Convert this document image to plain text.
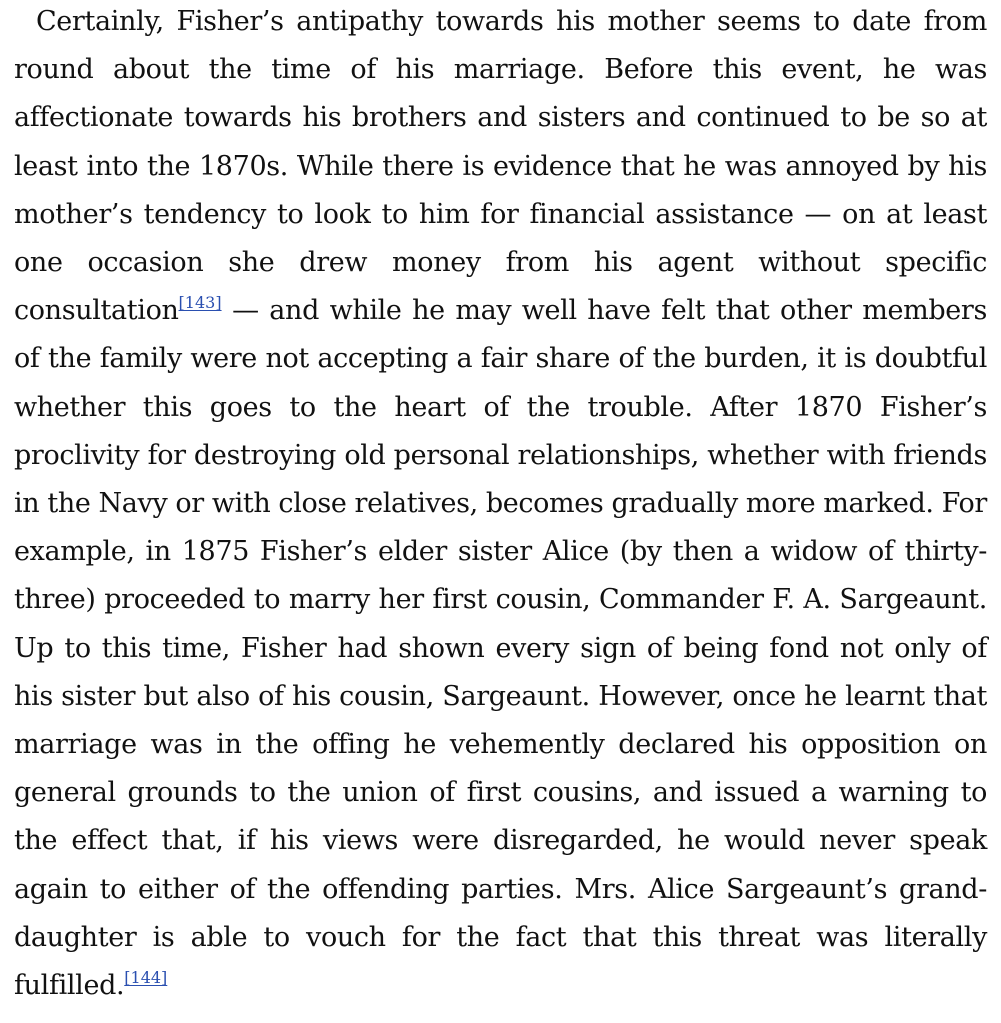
Certainly, Fisher’s antipathy towards his mother seems to date from round about the time of his marriage. Before this event, he was affectionate towards his brothers and sisters and continued to be so at least into the 1870s. While there is evidence that he was annoyed by his mother’s tendency to look to him for financial assistance — on at least one occasion she drew money from his agent without specific consultation[143] — and while he may well have felt that other members of the family were not accepting a fair share of the burden, it is doubtful whether this goes to the heart of the trouble. After 1870 Fisher’s proclivity for destroying old personal relationships, whether with friends in the Navy or with close relatives, becomes gradually more marked. For example, in 1875 Fisher’s elder sister Alice (by then a widow of thirty-three) proceeded to marry her first cousin, Commander F. A. Sargeaunt. Up to this time, Fisher had shown every sign of being fond not only of his sister but also of his cousin, Sargeaunt. However, once he learnt that marriage was in the offing he vehemently declared his opposition on general grounds to the union of first cousins, and issued a warning to the effect that, if his views were disregarded, he would never speak again to either of the offending parties. Mrs. Alice Sargeaunt’s grand-daughter is able to vouch for the fact that this threat was literally fulfilled.[144]
